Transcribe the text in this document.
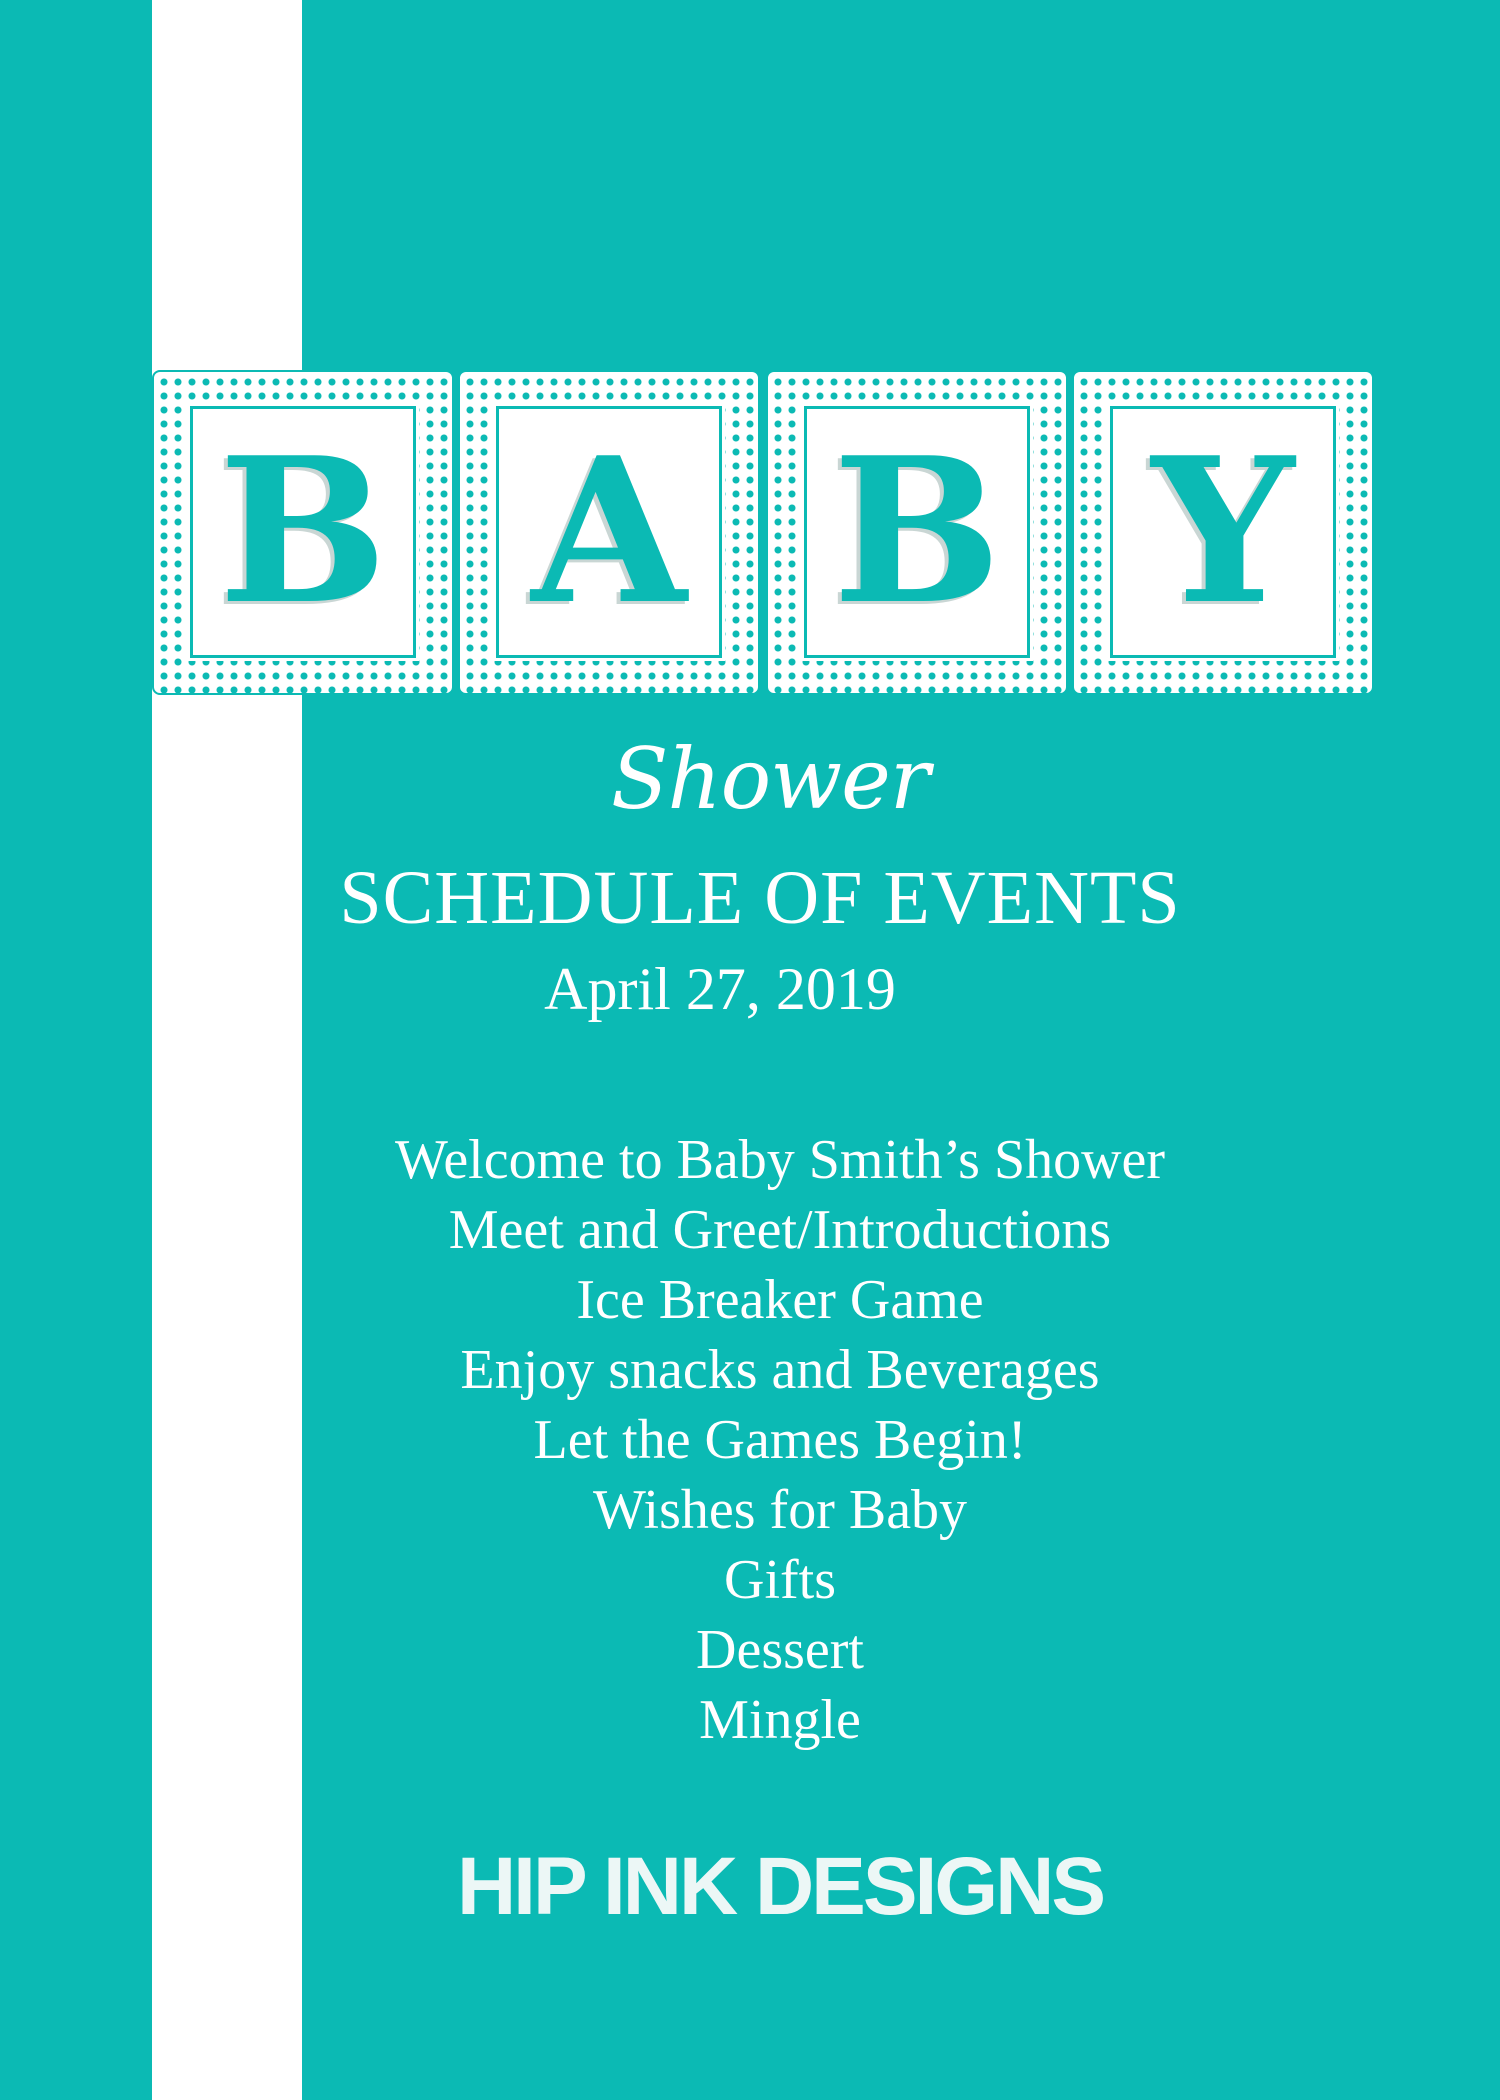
B A B Y
Shower
SCHEDULE OF EVENTS
April 27, 2019
Welcome to Baby Smith’s Shower
Meet and Greet/Introductions
Ice Breaker Game
Enjoy snacks and Beverages
Let the Games Begin!
Wishes for Baby
Gifts
Dessert
Mingle
HIP INK DESIGNS
